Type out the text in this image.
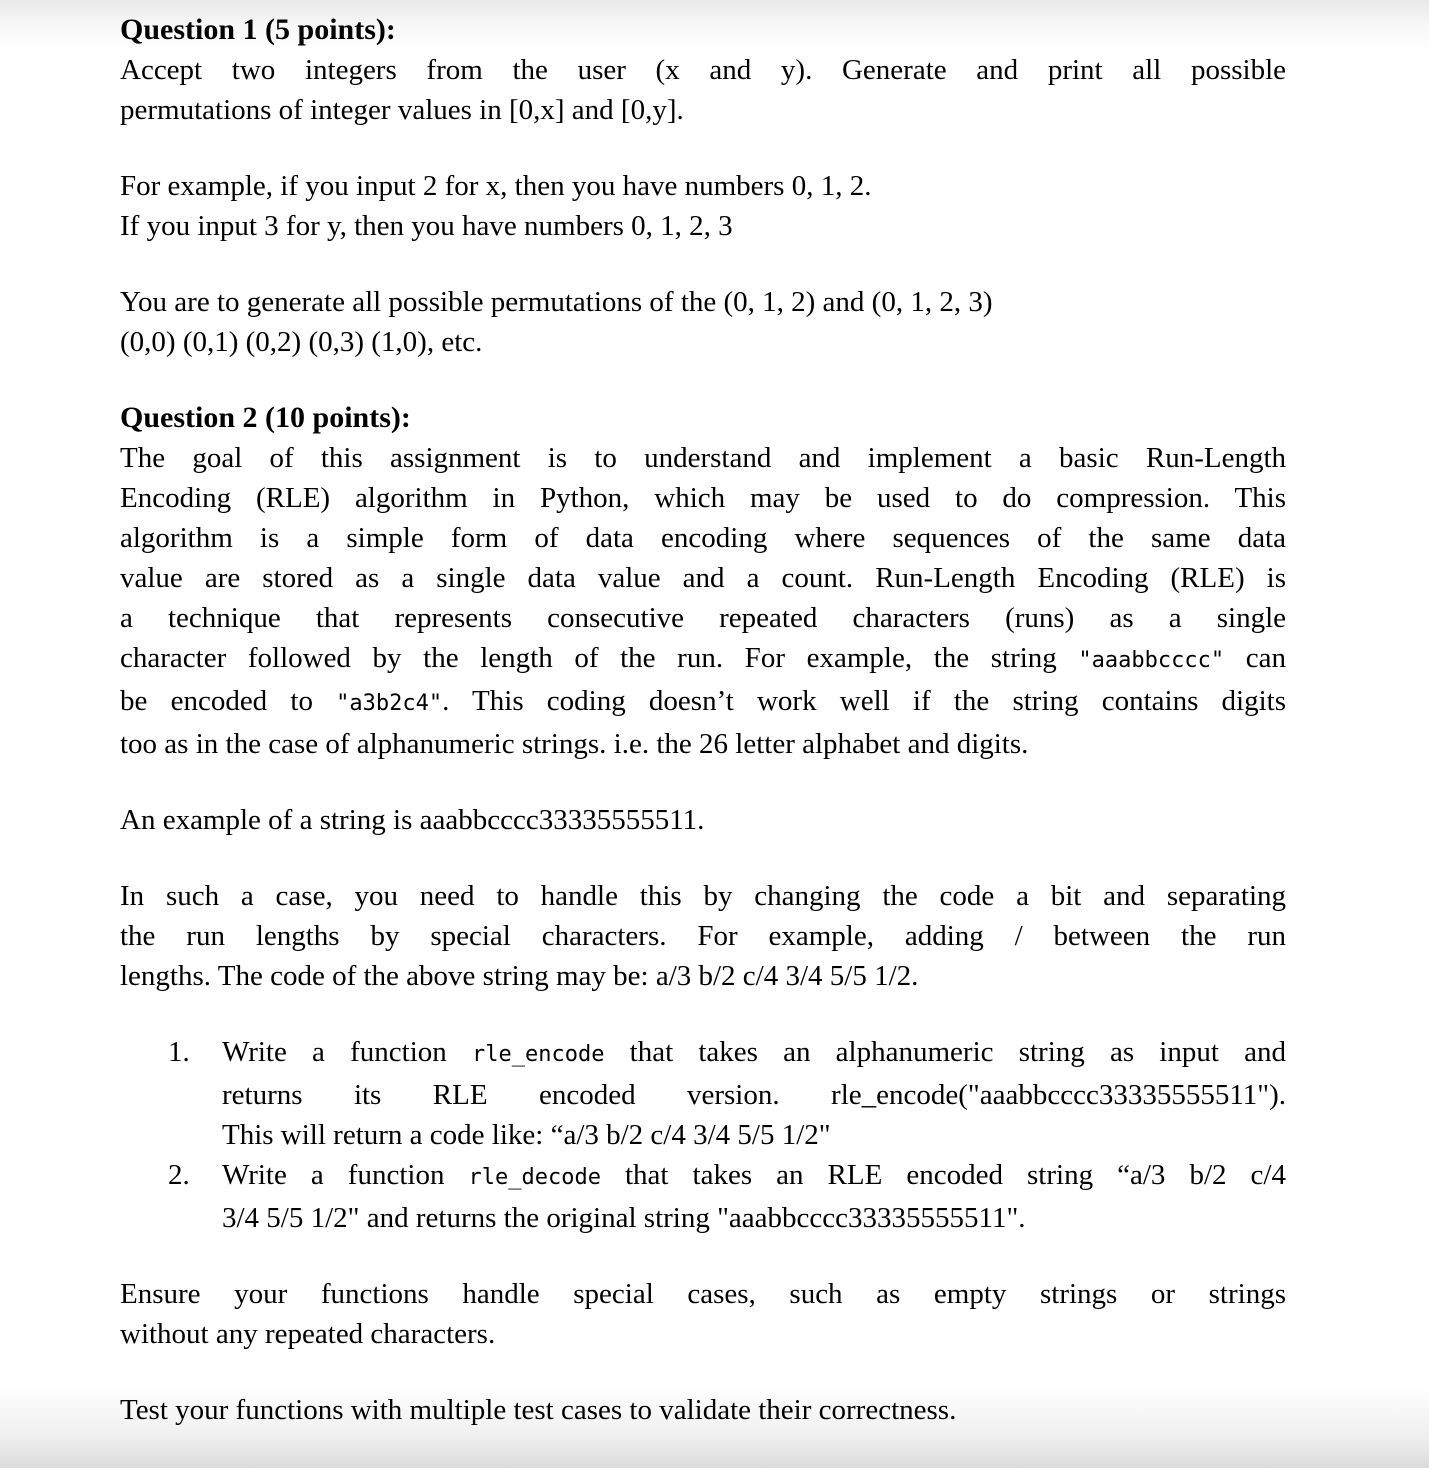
Question 1 (5 points):
Accept two integers from the user (x and y). Generate and print all possible
permutations of integer values in [0,x] and [0,y].
For example, if you input 2 for x, then you have numbers 0, 1, 2.
If you input 3 for y, then you have numbers 0, 1, 2, 3
You are to generate all possible permutations of the (0, 1, 2) and (0, 1, 2, 3)
(0,0) (0,1) (0,2) (0,3) (1,0), etc.
Question 2 (10 points):
The goal of this assignment is to understand and implement a basic Run-Length
Encoding (RLE) algorithm in Python, which may be used to do compression. This
algorithm is a simple form of data encoding where sequences of the same data
value are stored as a single data value and a count. Run-Length Encoding (RLE) is
a technique that represents consecutive repeated characters (runs) as a single
character followed by the length of the run. For example, the string "aaabbcccc" can
be encoded to "a3b2c4". This coding doesn’t work well if the string contains digits
too as in the case of alphanumeric strings. i.e. the 26 letter alphabet and digits.
An example of a string is aaabbcccc33335555511.
In such a case, you need to handle this by changing the code a bit and separating
the run lengths by special characters. For example, adding / between the run
lengths. The code of the above string may be: a/3 b/2 c/4 3/4 5/5 1/2.
1.	Write a function rle_encode that takes an alphanumeric string as input and
returns its RLE encoded version. rle_encode("aaabbcccc33335555511").
This will return a code like: “a/3 b/2 c/4 3/4 5/5 1/2"
2.	Write a function rle_decode that takes an RLE encoded string “a/3 b/2 c/4
3/4 5/5 1/2" and returns the original string "aaabbcccc33335555511".
Ensure your functions handle special cases, such as empty strings or strings
without any repeated characters.
Test your functions with multiple test cases to validate their correctness.
